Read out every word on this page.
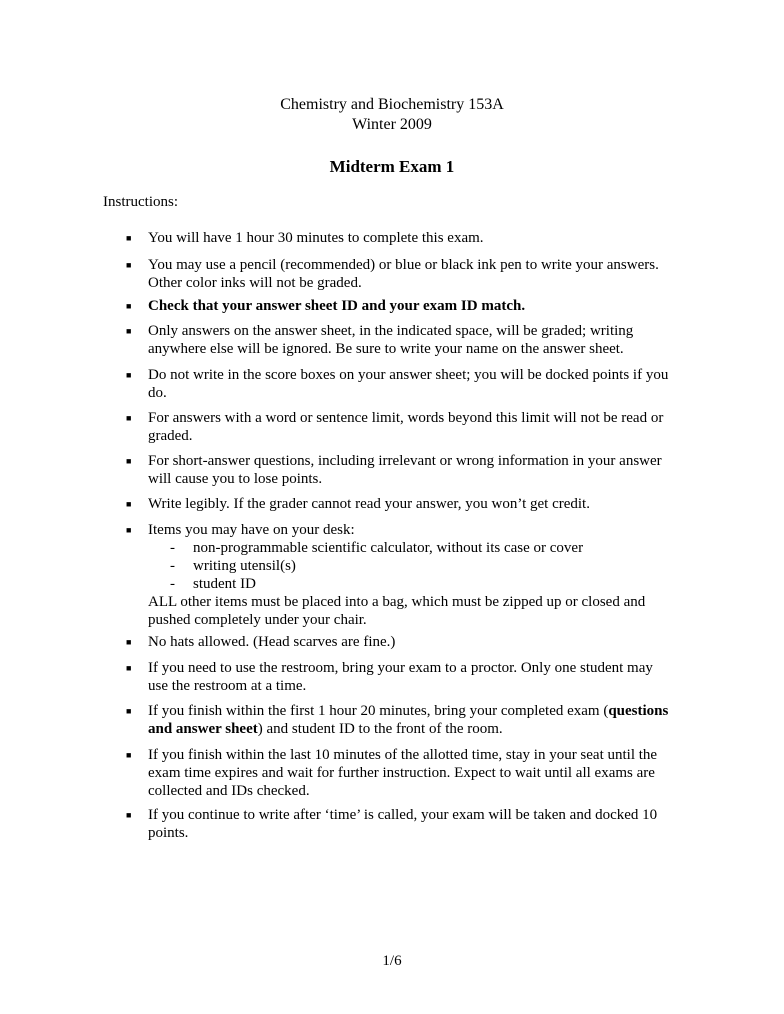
Chemistry and Biochemistry 153A
Winter 2009
Midterm Exam 1
Instructions:
■	You will have 1 hour 30 minutes to complete this exam.
■	You may use a pencil (recommended) or blue or black ink pen to write your answers.
Other color inks will not be graded.
■	Check that your answer sheet ID and your exam ID match.
■	Only answers on the answer sheet, in the indicated space, will be graded; writing
anywhere else will be ignored. Be sure to write your name on the answer sheet.
■	Do not write in the score boxes on your answer sheet; you will be docked points if you
do.
■	For answers with a word or sentence limit, words beyond this limit will not be read or
graded.
■	For short-answer questions, including irrelevant or wrong information in your answer
will cause you to lose points.
■	Write legibly. If the grader cannot read your answer, you won’t get credit.
■	Items you may have on your desk:
- non-programmable scientific calculator, without its case or cover
- writing utensil(s)
- student ID
ALL other items must be placed into a bag, which must be zipped up or closed and
pushed completely under your chair.
■	No hats allowed. (Head scarves are fine.)
■	If you need to use the restroom, bring your exam to a proctor. Only one student may
use the restroom at a time.
■	If you finish within the first 1 hour 20 minutes, bring your completed exam (questions
and answer sheet) and student ID to the front of the room.
■	If you finish within the last 10 minutes of the allotted time, stay in your seat until the
exam time expires and wait for further instruction. Expect to wait until all exams are
collected and IDs checked.
■	If you continue to write after ‘time’ is called, your exam will be taken and docked 10
points.
1/6
